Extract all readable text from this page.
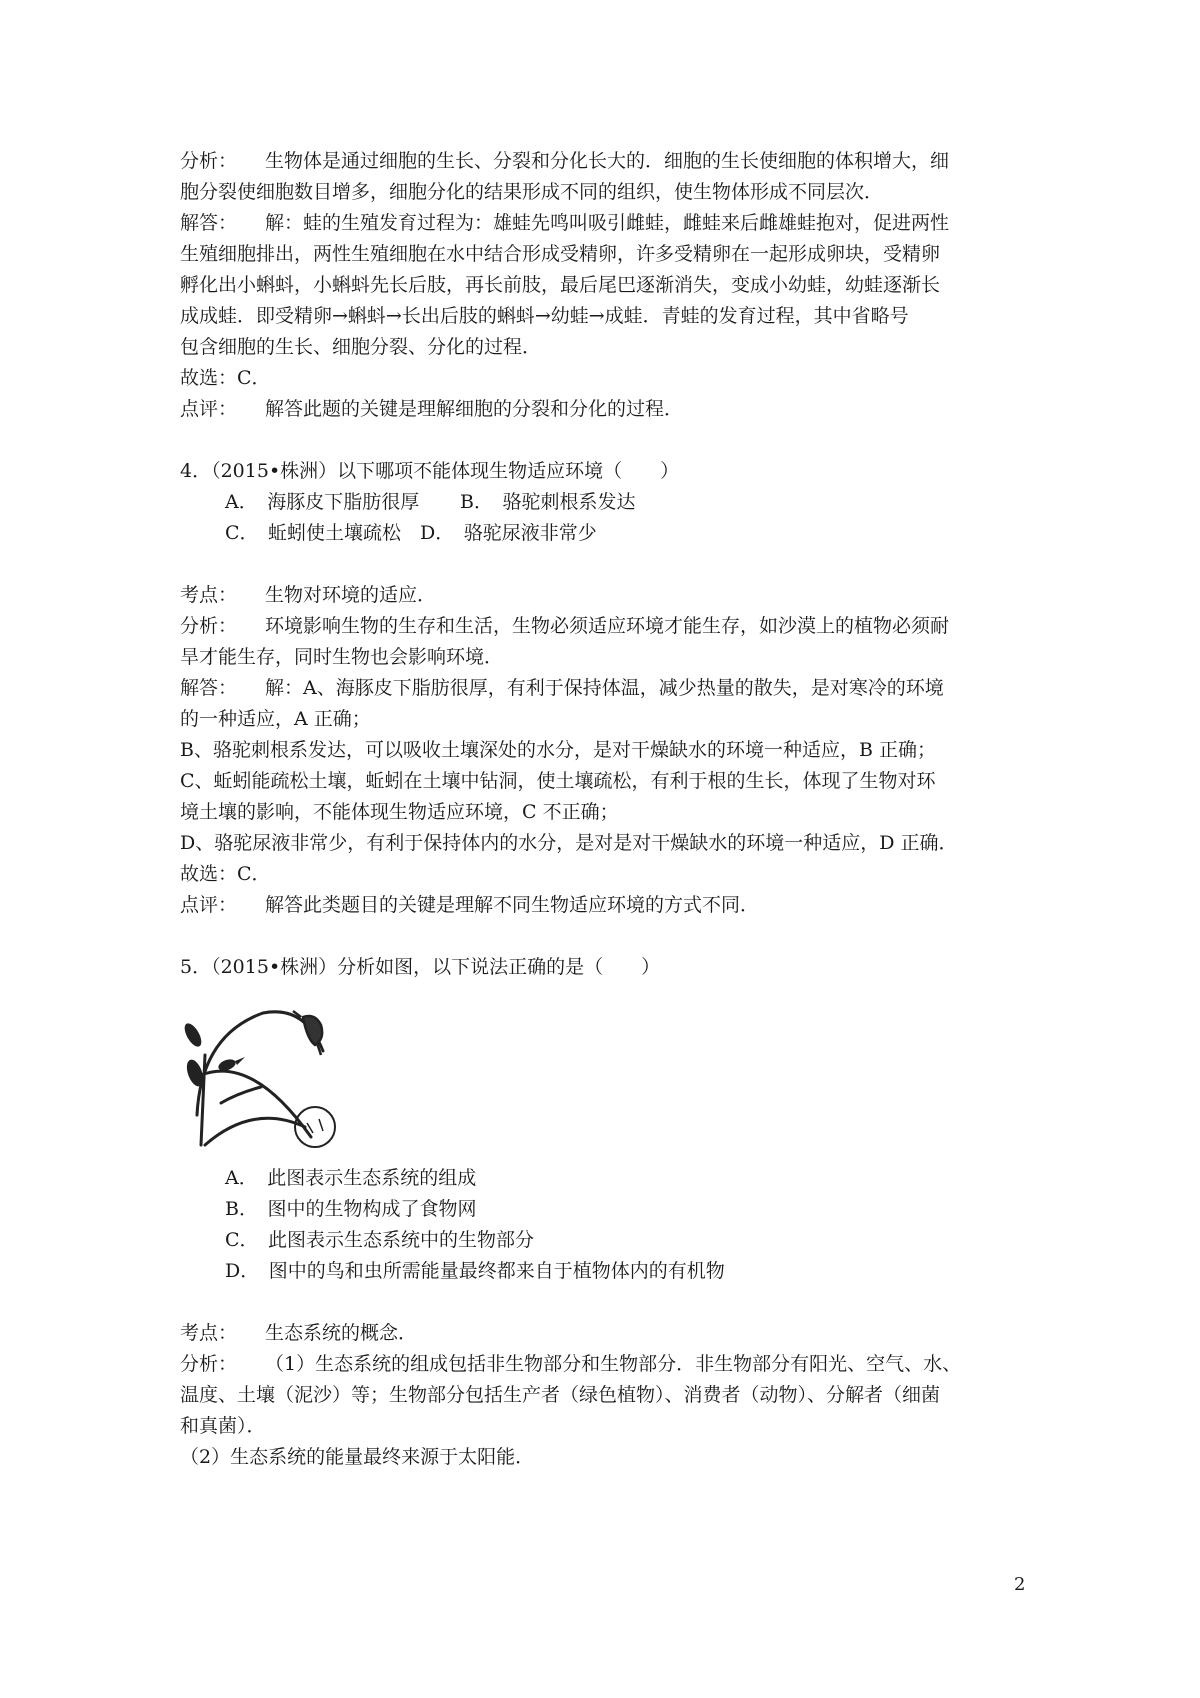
分析： 生物体是通过细胞的生长、分裂和分化长大的．细胞的生长使细胞的体积增大，细

胞分裂使细胞数目增多，细胞分化的结果形成不同的组织，使生物体形成不同层次．

解答： 解：蛙的生殖发育过程为：雄蛙先鸣叫吸引雌蛙，雌蛙来后雌雄蛙抱对，促进两性

生殖细胞排出，两性生殖细胞在水中结合形成受精卵，许多受精卵在一起形成卵块，受精卵

孵化出小蝌蚪，小蝌蚪先长后肢，再长前肢，最后尾巴逐渐消失，变成小幼蛙，幼蛙逐渐长

成成蛙．即受精卵→蝌蚪→长出后肢的蝌蚪→幼蛙→成蛙．青蛙的发育过程，其中省略号

包含细胞的生长、细胞分裂、分化的过程．

故选：C．

点评： 解答此题的关键是理解细胞的分裂和分化的过程．

4．（2015•株洲）以下哪项不能体现生物适应环境（　　）

A．　海豚皮下脂肪很厚	B．　骆驼刺根系发达

C．　蚯蚓使土壤疏松 D．　骆驼尿液非常少

考点： 生物对环境的适应．

分析： 环境影响生物的生存和生活，生物必须适应环境才能生存，如沙漠上的植物必须耐

旱才能生存，同时生物也会影响环境．

解答： 解：A、海豚皮下脂肪很厚，有利于保持体温，减少热量的散失，是对寒冷的环境

的一种适应，A 正确；

B、骆驼刺根系发达，可以吸收土壤深处的水分，是对干燥缺水的环境一种适应，B 正确；

C、蚯蚓能疏松土壤，蚯蚓在土壤中钻洞，使土壤疏松，有利于根的生长，体现了生物对环

境土壤的影响，不能体现生物适应环境，C 不正确；

D、骆驼尿液非常少，有利于保持体内的水分，是对是对干燥缺水的环境一种适应，D 正确．

故选：C．

点评： 解答此类题目的关键是理解不同生物适应环境的方式不同．

5．（2015•株洲）分析如图，以下说法正确的是（　　）

A．　此图表示生态系统的组成

B．　图中的生物构成了食物网

C．　此图表示生态系统中的生物部分

D．　图中的鸟和虫所需能量最终都来自于植物体内的有机物

考点： 生态系统的概念．

分析： （1）生态系统的组成包括非生物部分和生物部分．非生物部分有阳光、空气、水、

温度、土壤（泥沙）等；生物部分包括生产者（绿色植物）、消费者（动物）、分解者（细菌

和真菌）．

（2）生态系统的能量最终来源于太阳能．

2
